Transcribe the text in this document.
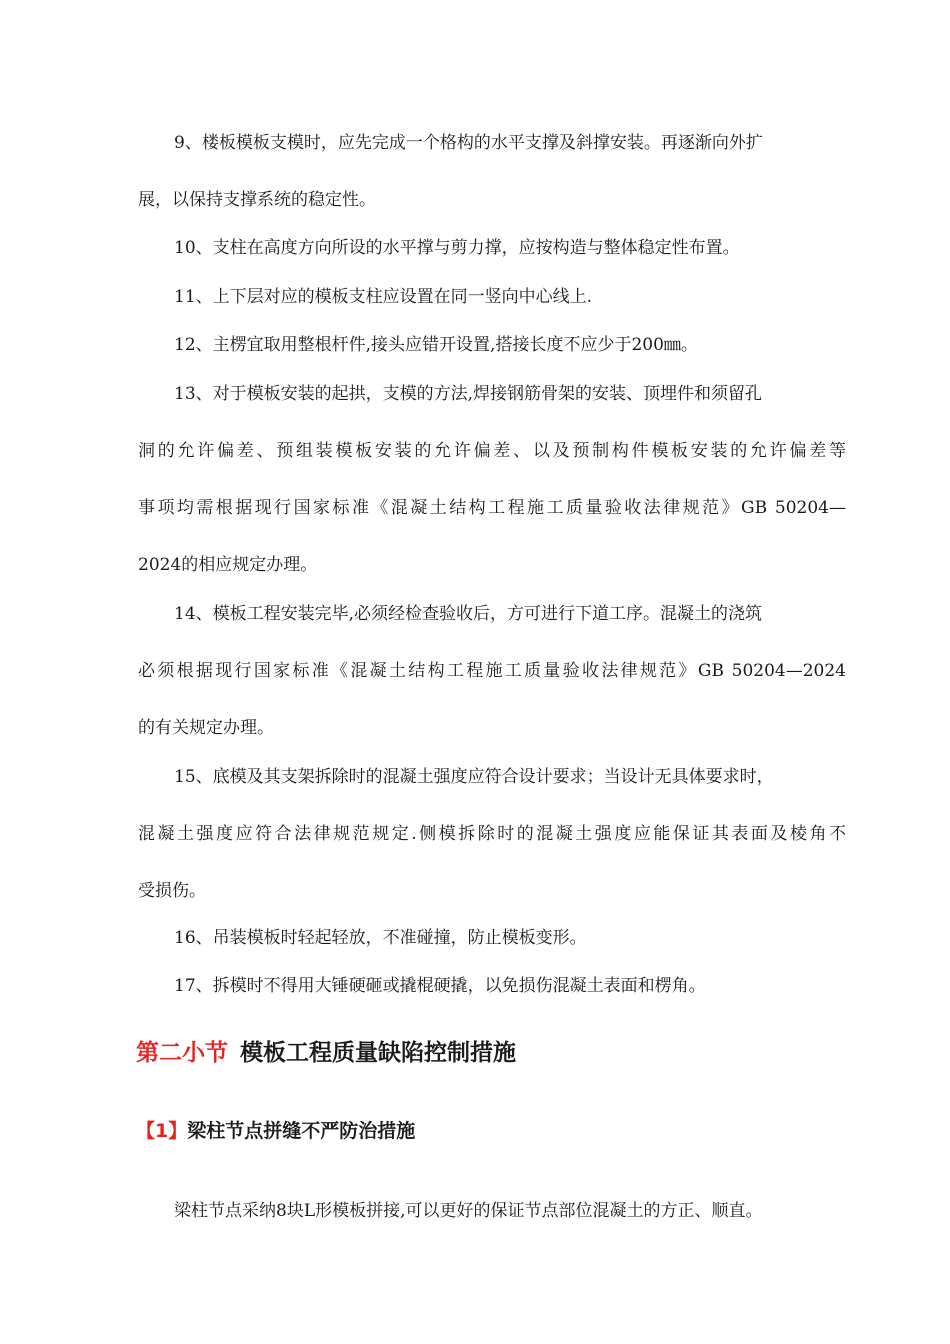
9、楼板模板支模时，应先完成一个格构的水平支撑及斜撑安装。再逐渐向外扩
展，以保持支撑系统的稳定性。
10、支柱在高度方向所设的水平撑与剪力撑，应按构造与整体稳定性布置。
11、上下层对应的模板支柱应设置在同一竖向中心线上.
12、主楞宜取用整根杆件,接头应错开设置,搭接长度不应少于200㎜。
13、对于模板安装的起拱，支模的方法,焊接钢筋骨架的安装、顶埋件和须留孔
洞的允许偏差、预组装模板安装的允许偏差、以及预制构件模板安装的允许偏差等
事项均需根据现行国家标准《混凝土结构工程施工质量验收法律规范》GB 50204—
2024的相应规定办理。
14、模板工程安装完毕,必须经检查验收后，方可进行下道工序。混凝土的浇筑
必须根据现行国家标准《混凝土结构工程施工质量验收法律规范》GB 50204—2024
的有关规定办理。
15、底模及其支架拆除时的混凝土强度应符合设计要求；当设计无具体要求时，
混凝土强度应符合法律规范规定.侧模拆除时的混凝土强度应能保证其表面及棱角不
受损伤。
16、吊装模板时轻起轻放，不准碰撞，防止模板变形。
17、拆模时不得用大锤硬砸或撬棍硬撬，以免损伤混凝土表面和楞角。
第二小节 模板工程质量缺陷控制措施
【1】梁柱节点拼缝不严防治措施
梁柱节点采纳8块L形模板拼接,可以更好的保证节点部位混凝土的方正、顺直。
